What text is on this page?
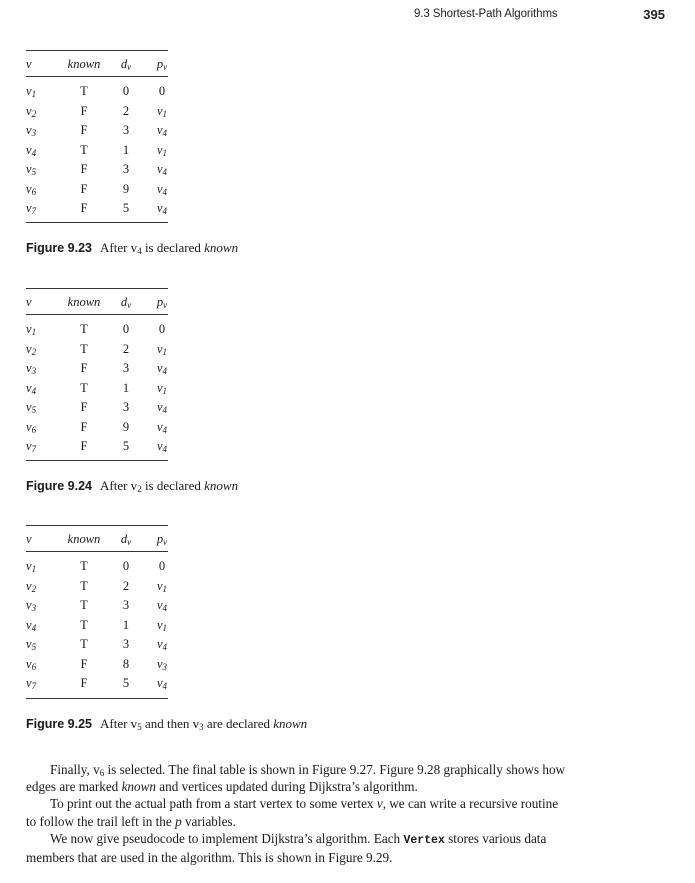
9.3 Shortest-Path Algorithms	395
v	known	$d_v$	$p_v$
$v_1$	T	0	0
$v_2$	F	2	$v_1$
$v_3$	F	3	$v_4$
$v_4$	T	1	$v_1$
$v_5$	F	3	$v_4$
$v_6$	F	9	$v_4$
$v_7$	F	5	$v_4$
Figure 9.23 After $v_4$ is declared known
v	known	$d_v$	$p_v$
$v_1$	T	0	0
$v_2$	T	2	$v_1$
$v_3$	F	3	$v_4$
$v_4$	T	1	$v_1$
$v_5$	F	3	$v_4$
$v_6$	F	9	$v_4$
$v_7$	F	5	$v_4$
Figure 9.24 After $v_2$ is declared known
v	known	$d_v$	$p_v$
$v_1$	T	0	0
$v_2$	T	2	$v_1$
$v_3$	T	3	$v_4$
$v_4$	T	1	$v_1$
$v_5$	T	3	$v_4$
$v_6$	F	8	$v_3$
$v_7$	F	5	$v_4$
Figure 9.25 After $v_5$ and then $v_3$ are declared known

Finally, $v_6$ is selected. The final table is shown in Figure 9.27. Figure 9.28 graphically shows how edges are marked known and vertices updated during Dijkstra’s algorithm.

To print out the actual path from a start vertex to some vertex v, we can write a recursive routine to follow the trail left in the p variables.

We now give pseudocode to implement Dijkstra’s algorithm. Each Vertex stores various data members that are used in the algorithm. This is shown in Figure 9.29.
